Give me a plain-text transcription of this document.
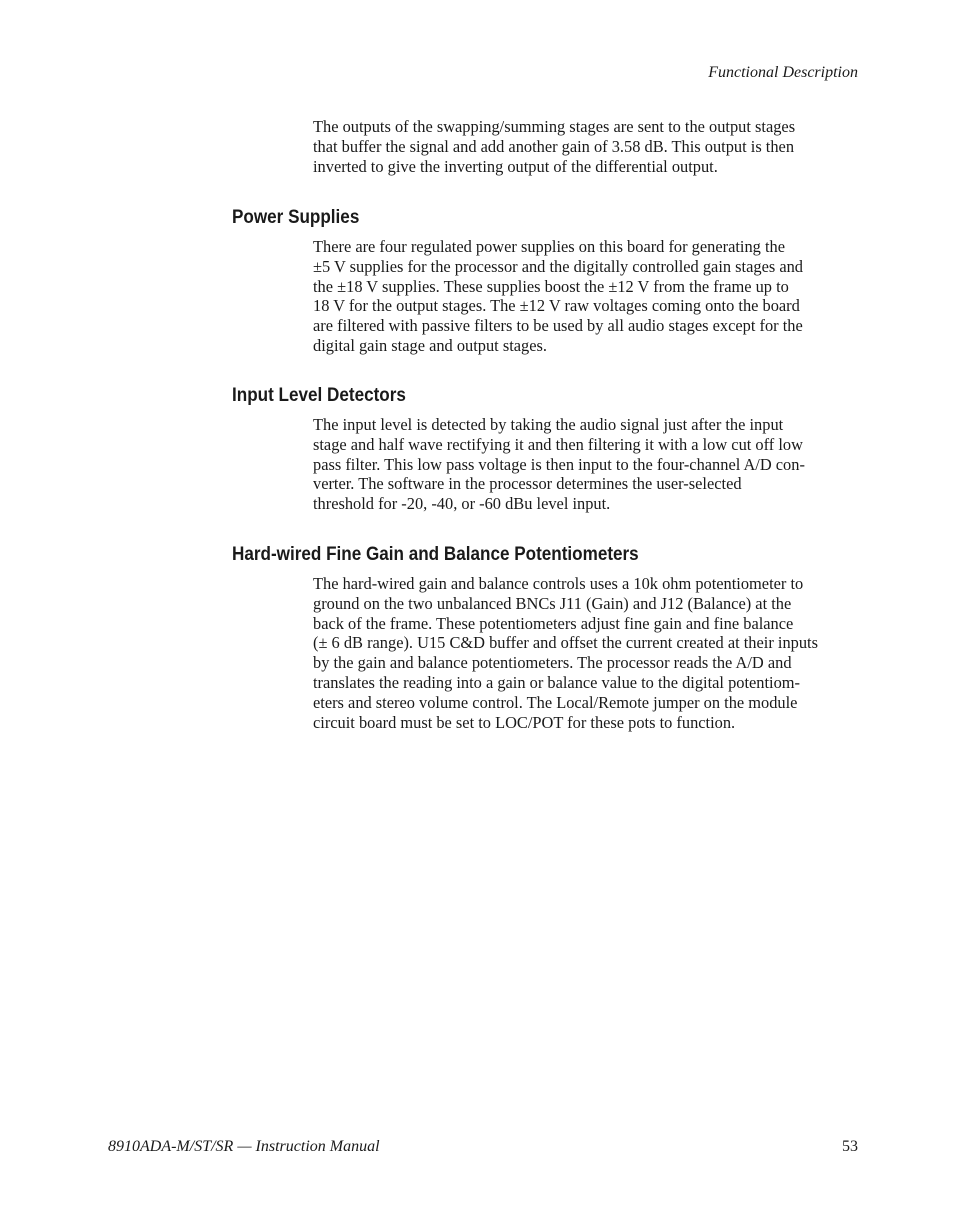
Functional Description

The outputs of the swapping/summing stages are sent to the output stages
that buffer the signal and add another gain of 3.58 dB. This output is then
inverted to give the inverting output of the differential output.

Power Supplies

There are four regulated power supplies on this board for generating the
±5 V supplies for the processor and the digitally controlled gain stages and
the ±18 V supplies. These supplies boost the ±12 V from the frame up to
18 V for the output stages. The ±12 V raw voltages coming onto the board
are filtered with passive filters to be used by all audio stages except for the
digital gain stage and output stages.

Input Level Detectors

The input level is detected by taking the audio signal just after the input
stage and half wave rectifying it and then filtering it with a low cut off low
pass filter. This low pass voltage is then input to the four-channel A/D con-
verter. The software in the processor determines the user-selected
threshold for -20, -40, or -60 dBu level input.

Hard-wired Fine Gain and Balance Potentiometers

The hard-wired gain and balance controls uses a 10k ohm potentiometer to
ground on the two unbalanced BNCs J11 (Gain) and J12 (Balance) at the
back of the frame. These potentiometers adjust fine gain and fine balance
(± 6 dB range). U15 C&D buffer and offset the current created at their inputs
by the gain and balance potentiometers. The processor reads the A/D and
translates the reading into a gain or balance value to the digital potentiom-
eters and stereo volume control. The Local/Remote jumper on the module
circuit board must be set to LOC/POT for these pots to function.

8910ADA-M/ST/SR — Instruction Manual	53
